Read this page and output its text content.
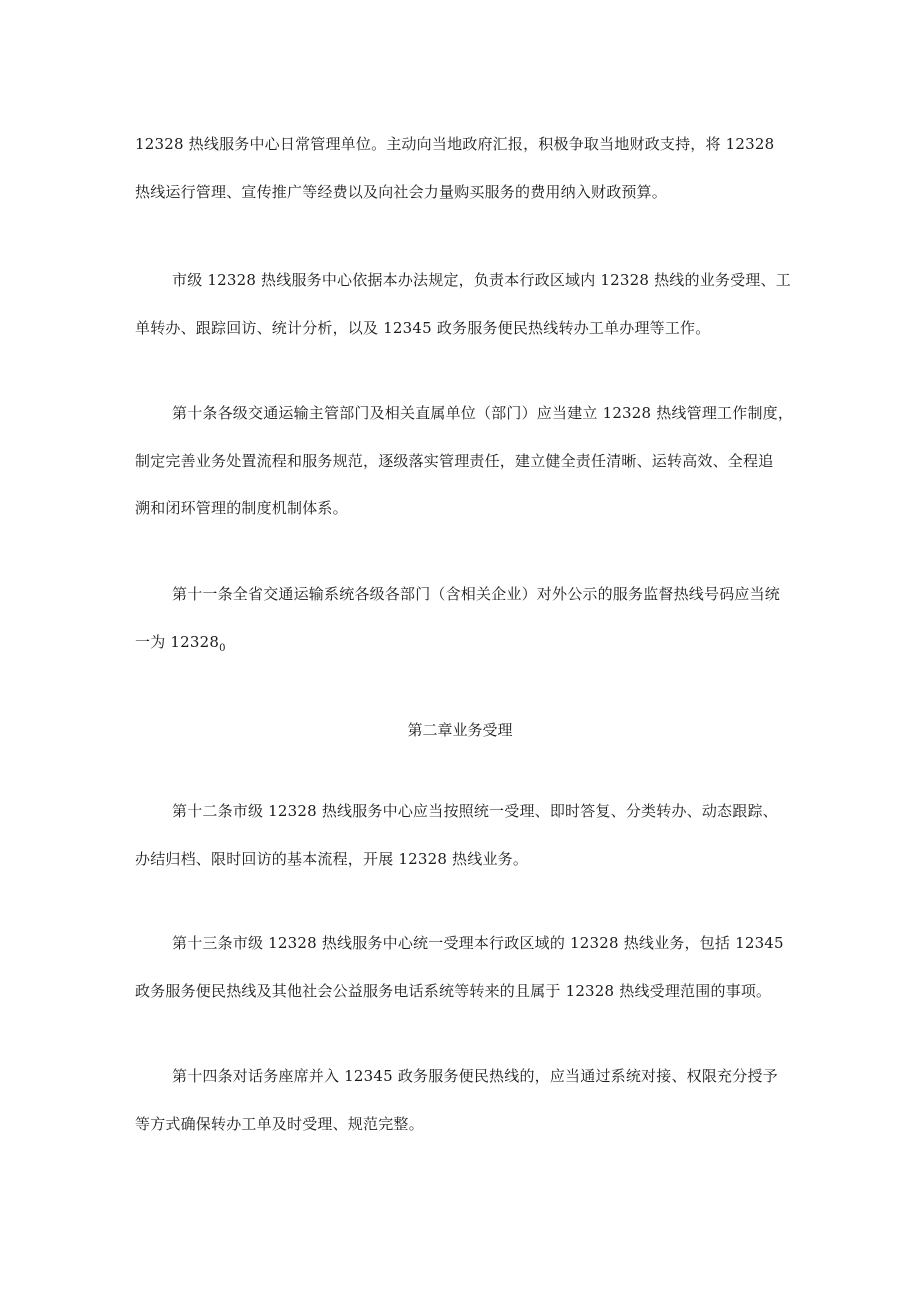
12328 热线服务中心日常管理单位。主动向当地政府汇报，积极争取当地财政支持，将 12328
热线运行管理、宣传推广等经费以及向社会力量购买服务的费用纳入财政预算。
市级 12328 热线服务中心依据本办法规定，负责本行政区域内 12328 热线的业务受理、工
单转办、跟踪回访、统计分析，以及 12345 政务服务便民热线转办工单办理等工作。
第十条各级交通运输主管部门及相关直属单位（部门）应当建立 12328 热线管理工作制度，
制定完善业务处置流程和服务规范，逐级落实管理责任，建立健全责任清晰、运转高效、全程追
溯和闭环管理的制度机制体系。
第十一条全省交通运输系统各级各部门（含相关企业）对外公示的服务监督热线号码应当统
一为 $12328_0$
第二章业务受理
第十二条市级 12328 热线服务中心应当按照统一受理、即时答复、分类转办、动态跟踪、
办结归档、限时回访的基本流程，开展 12328 热线业务。
第十三条市级 12328 热线服务中心统一受理本行政区域的 12328 热线业务，包括 12345
政务服务便民热线及其他社会公益服务电话系统等转来的且属于 12328 热线受理范围的事项。
第十四条对话务座席并入 12345 政务服务便民热线的，应当通过系统对接、权限充分授予
等方式确保转办工单及时受理、规范完整。
